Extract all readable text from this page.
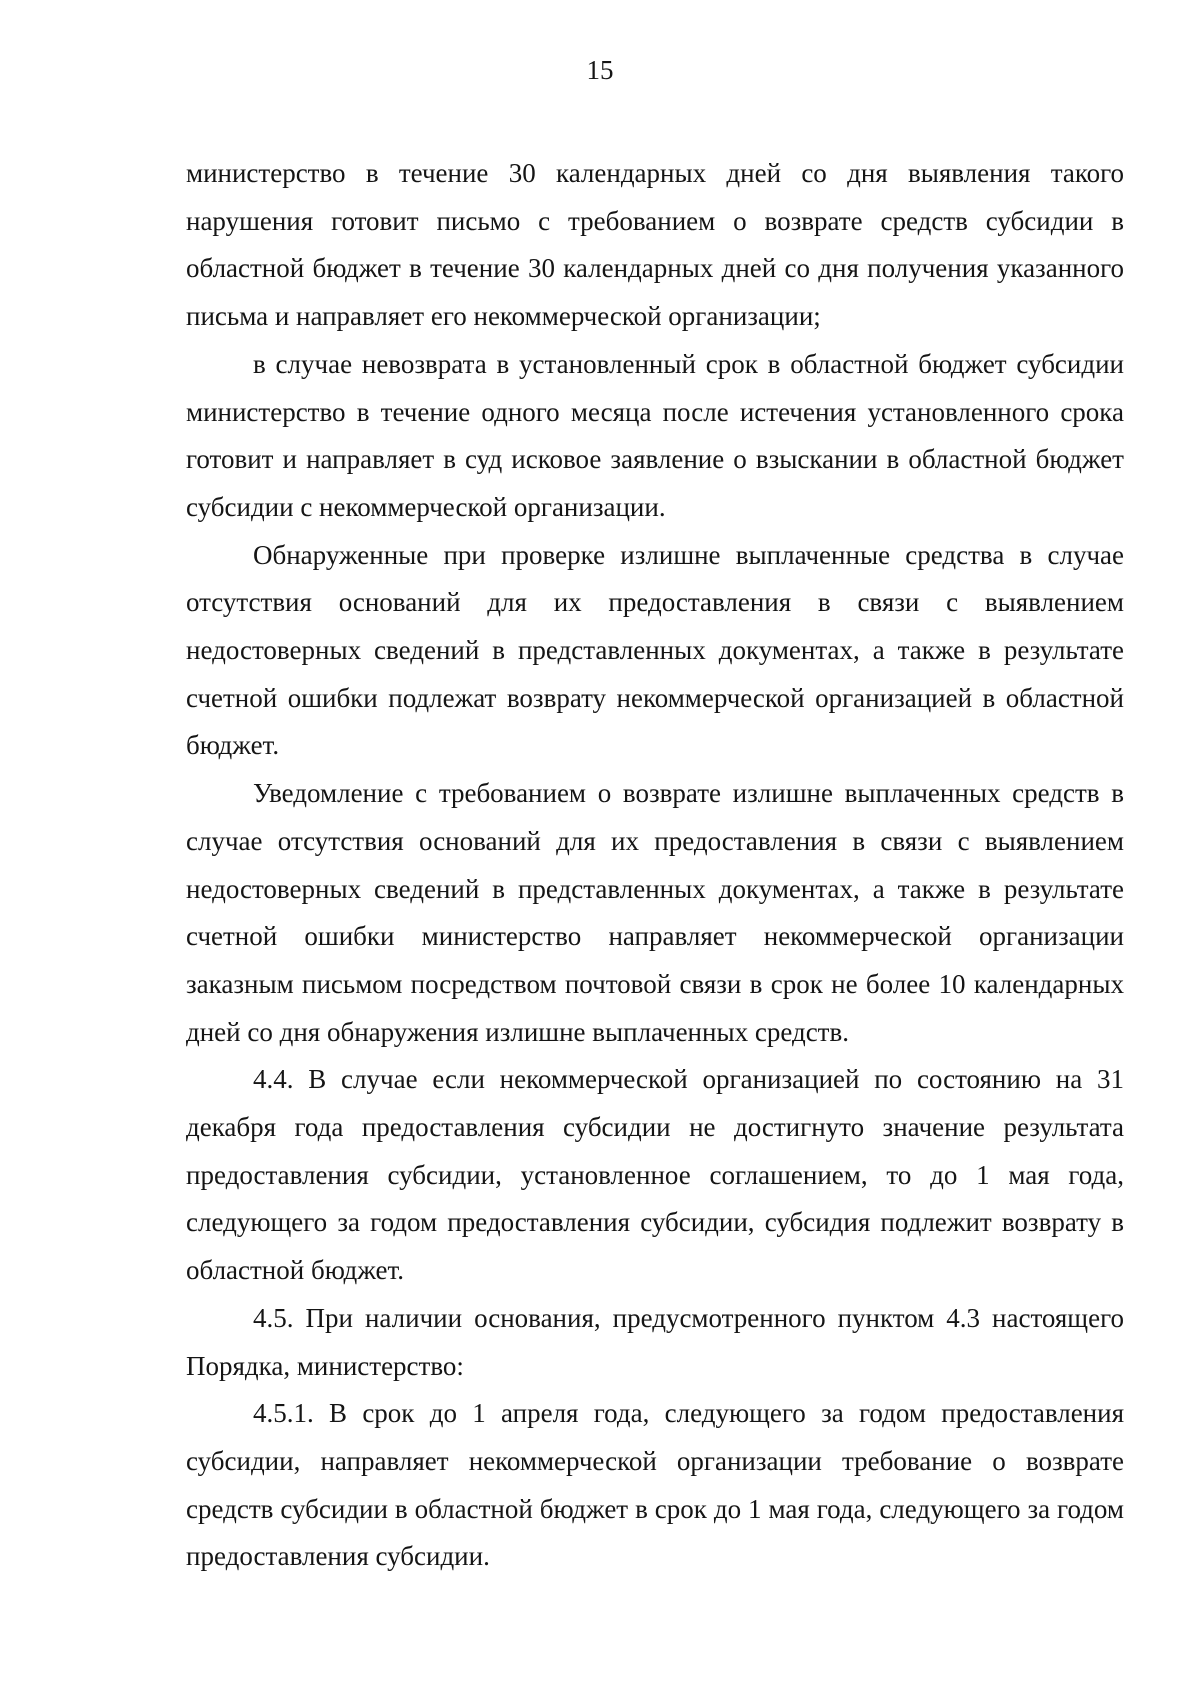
15

министерство в течение 30 календарных дней со дня выявления такого нарушения готовит письмо с требованием о возврате средств субсидии в областной бюджет в течение 30 календарных дней со дня получения указанного письма и направляет его некоммерческой организации;

в случае невозврата в установленный срок в областной бюджет субсидии министерство в течение одного месяца после истечения установленного срока готовит и направляет в суд исковое заявление о взыскании в областной бюджет субсидии с некоммерческой организации.

Обнаруженные при проверке излишне выплаченные средства в случае отсутствия оснований для их предоставления в связи с выявлением недостоверных сведений в представленных документах, а также в результате счетной ошибки подлежат возврату некоммерческой организацией в областной бюджет.

Уведомление с требованием о возврате излишне выплаченных средств в случае отсутствия оснований для их предоставления в связи с выявлением недостоверных сведений в представленных документах, а также в результате счетной ошибки министерство направляет некоммерческой организации заказным письмом посредством почтовой связи в срок не более 10 календарных дней со дня обнаружения излишне выплаченных средств.

4.4. В случае если некоммерческой организацией по состоянию на 31 декабря года предоставления субсидии не достигнуто значение результата предоставления субсидии, установленное соглашением, то до 1 мая года, следующего за годом предоставления субсидии, субсидия подлежит возврату в областной бюджет.

4.5. При наличии основания, предусмотренного пунктом 4.3 настоящего Порядка, министерство:

4.5.1. В срок до 1 апреля года, следующего за годом предоставления субсидии, направляет некоммерческой организации требование о возврате средств субсидии в областной бюджет в срок до 1 мая года, следующего за годом предоставления субсидии.
